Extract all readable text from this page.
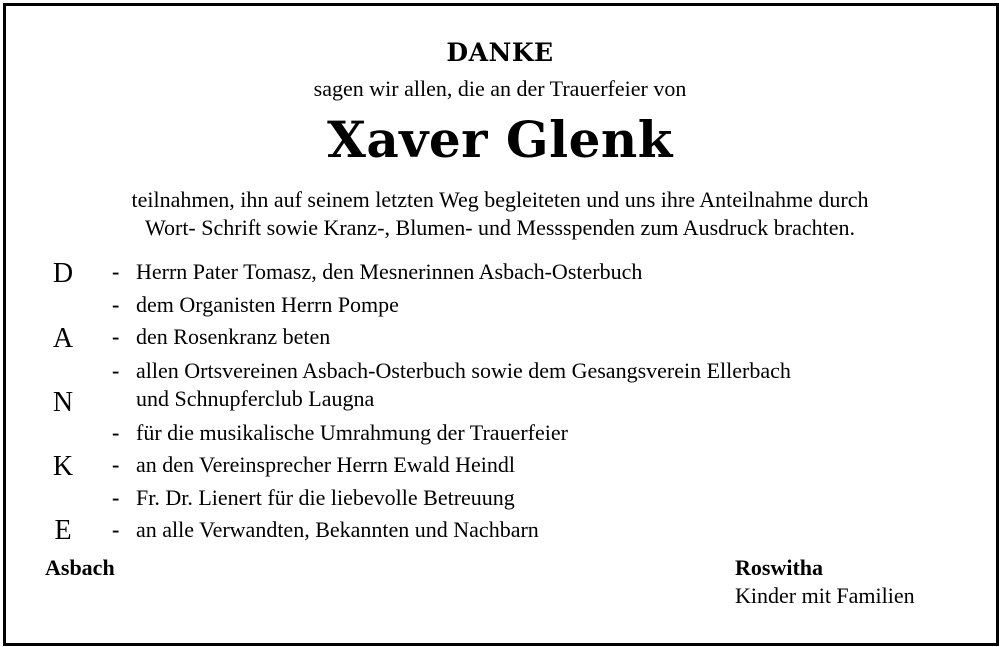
DANKE
sagen wir allen, die an der Trauerfeier von
Xaver Glenk
teilnahmen, ihn auf seinem letzten Weg begleiteten und uns ihre Anteilnahme durch
Wort- Schrift sowie Kranz-, Blumen- und Messspenden zum Ausdruck brachten.
D
A
N
K
E
- Herrn Pater Tomasz, den Mesnerinnen Asbach-Osterbuch
- dem Organisten Herrn Pompe
- den Rosenkranz beten
- allen Ortsvereinen Asbach-Osterbuch sowie dem Gesangsverein Ellerbach
und Schnupferclub Laugna
- für die musikalische Umrahmung der Trauerfeier
- an den Vereinsprecher Herrn Ewald Heindl
- Fr. Dr. Lienert für die liebevolle Betreuung
- an alle Verwandten, Bekannten und Nachbarn
Asbach	Roswitha
Kinder mit Familien
